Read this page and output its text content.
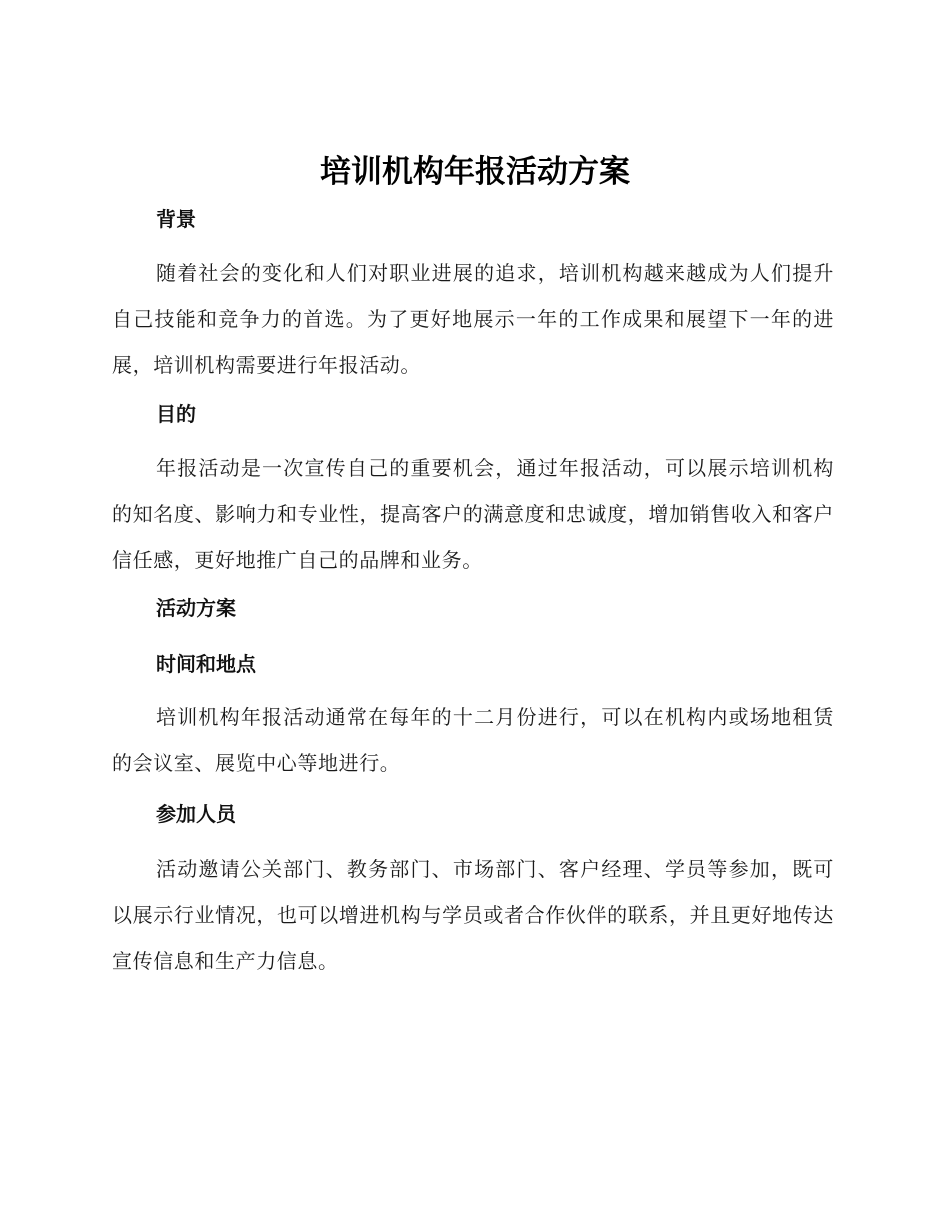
培训机构年报活动方案
背景

随着社会的变化和人们对职业进展的追求，培训机构越来越成为人们提升自己技能和竞争力的首选。为了更好地展示一年的工作成果和展望下一年的进展，培训机构需要进行年报活动。

目的

年报活动是一次宣传自己的重要机会，通过年报活动，可以展示培训机构的知名度、影响力和专业性，提高客户的满意度和忠诚度，增加销售收入和客户信任感，更好地推广自己的品牌和业务。

活动方案
时间和地点

培训机构年报活动通常在每年的十二月份进行，可以在机构内或场地租赁的会议室、展览中心等地进行。

参加人员

活动邀请公关部门、教务部门、市场部门、客户经理、学员等参加，既可以展示行业情况，也可以增进机构与学员或者合作伙伴的联系，并且更好地传达宣传信息和生产力信息。
